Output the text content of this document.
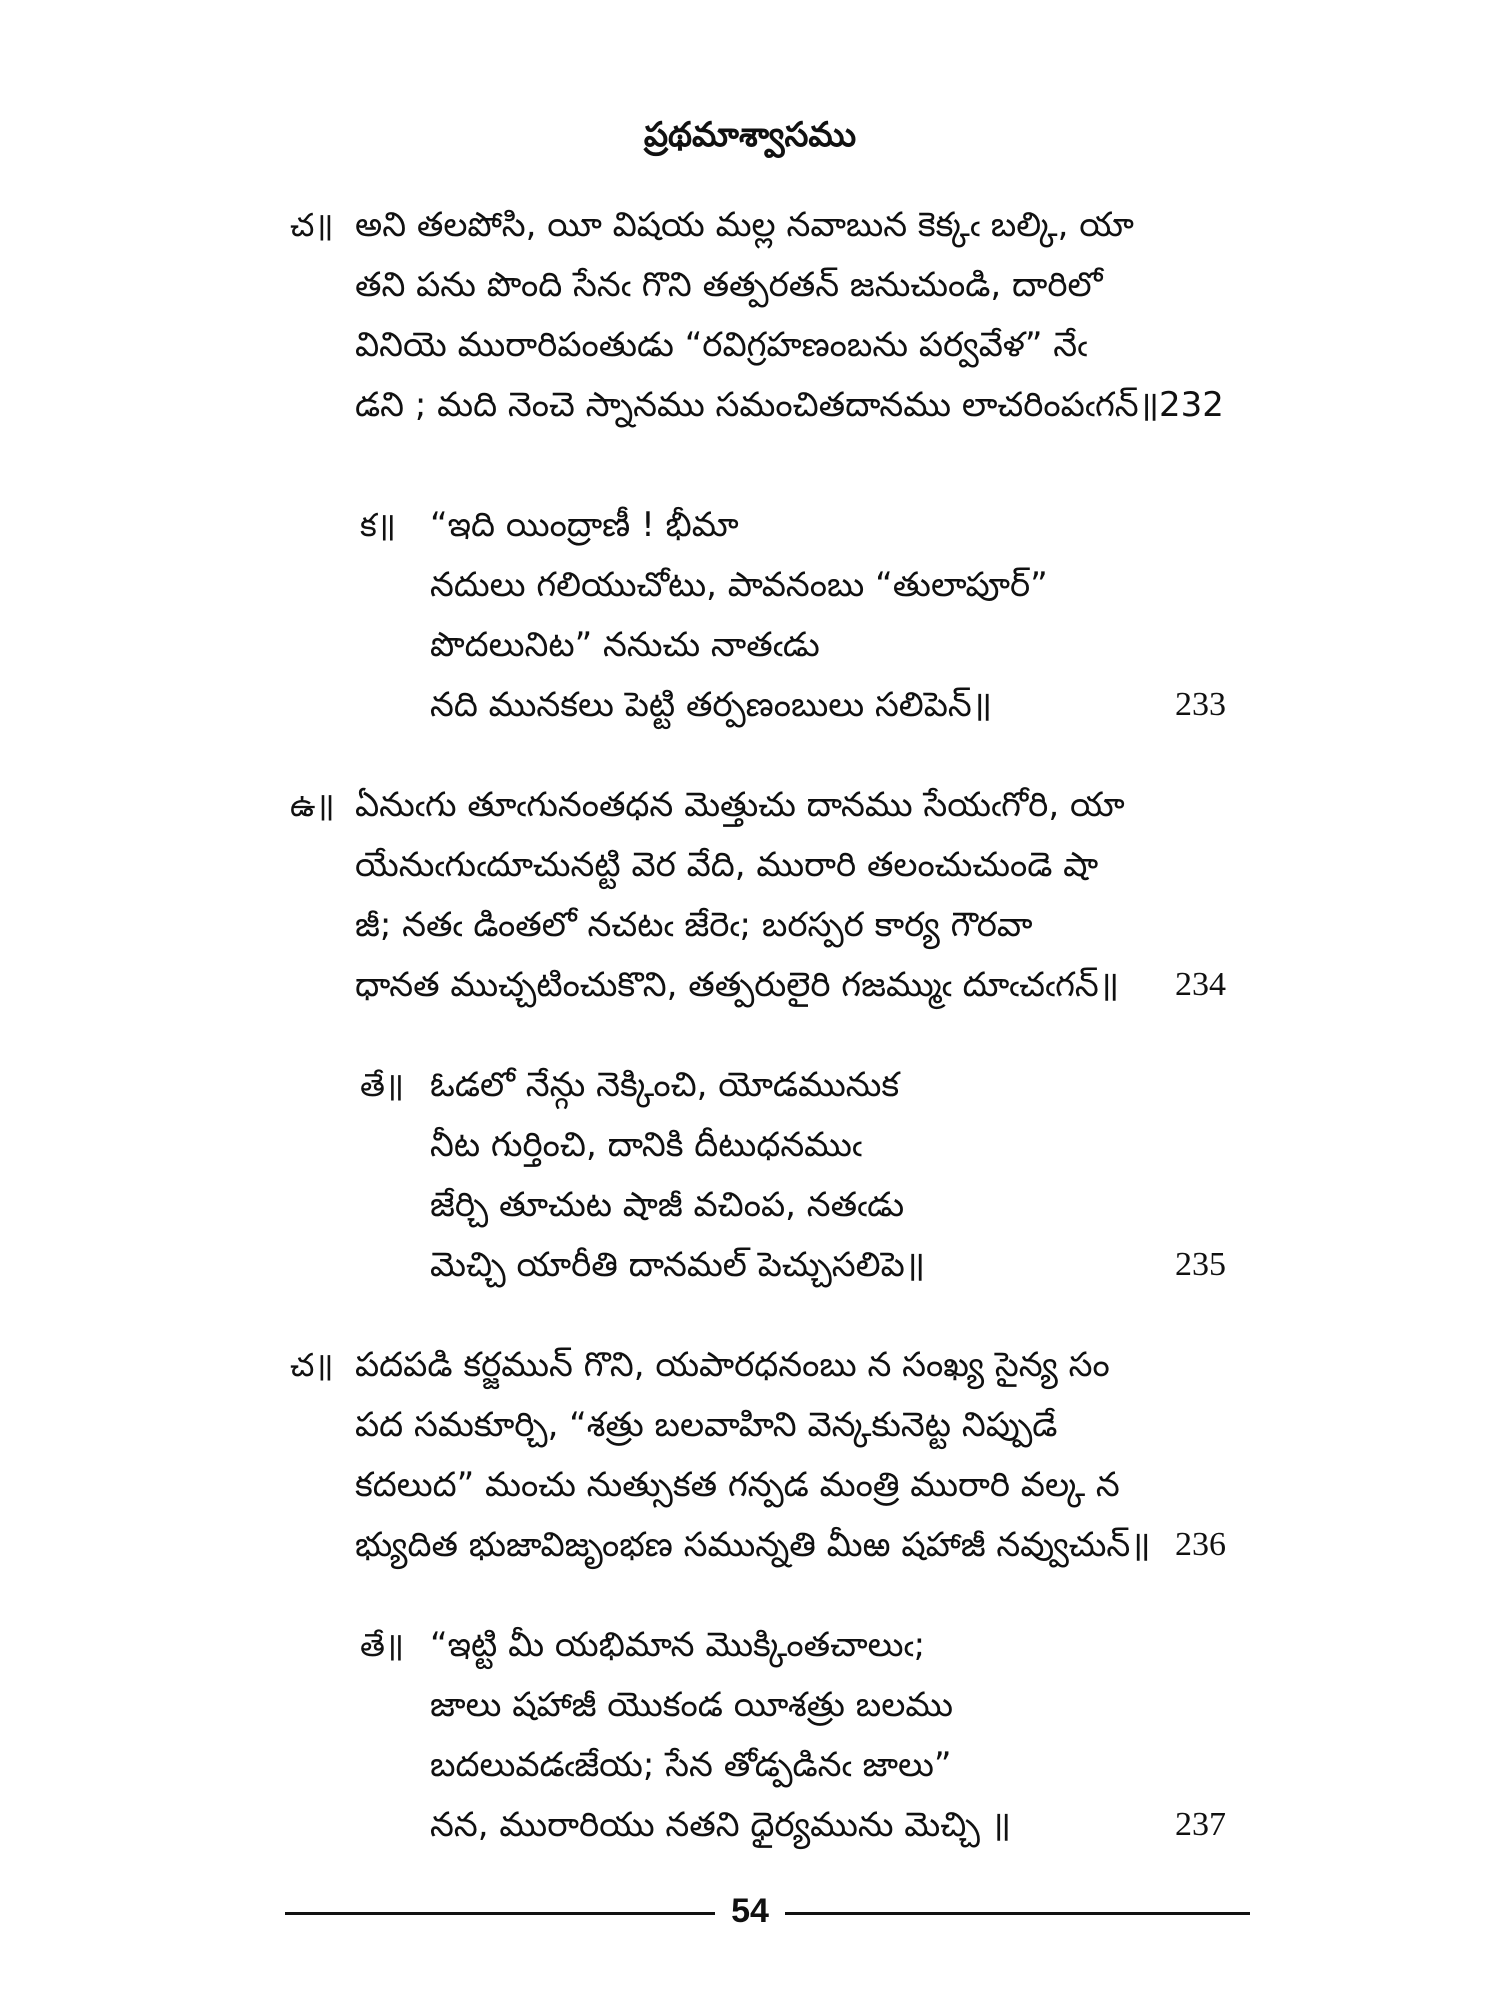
ప్రథమాశ్వాసము
చ॥ అని తలపోసి, యీ విషయ మల్ల నవాబున కెక్కఁ బల్కి, యా
తని పను పొంది సేనఁ గొని తత్పరతన్ జనుచుండి, దారిలో
వినియె మురారిపంతుడు “రవిగ్రహణంబను పర్వవేళ” నేఁ
డని ; మది నెంచె స్నానము సమంచితదానము లాచరింపఁగన్॥232
క॥ “ఇది యింద్రాణీ ! భీమా
నదులు గలియుచోటు, పావనంబు “తులాపూర్”
పొదలునిట” ననుచు నాతఁడు
నది మునకలు పెట్టి తర్పణంబులు సలిపెన్॥	233
ఉ॥ ఏనుఁగు తూఁగునంతధన మెత్తుచు దానము సేయఁగోరి, యా
యేనుఁగుఁదూచునట్టి వెర వేది, మురారి తలంచుచుండె షా
జీ; నతఁ డింతలో నచటఁ జేరెఁ; బరస్పర కార్య గౌరవా
ధానత ముచ్చటించుకొని, తత్పరులైరి గజమ్ముఁ దూఁచఁగన్॥ 234
తే॥ ఓడలో నేన్గు నెక్కించి, యోడమునుక
నీట గుర్తించి, దానికి దీటుధనముఁ
జేర్చి తూచుట షాజీ వచింప, నతఁడు
మెచ్చి యారీతి దానమల్ పెచ్చుసలిపె॥	235
చ॥ పదపడి కర్జమున్ గొని, యపారధనంబు న సంఖ్య సైన్య సం
పద సమకూర్చి, “శత్రు బలవాహిని వెన్కకునెట్ట నిప్పుడే
కదలుద” మంచు నుత్సుకత గన్పడ మంత్రి మురారి వల్క న
భ్యుదిత భుజావిజృంభణ సమున్నతి మీఱ షహాజీ నవ్వుచున్॥ 236
తే॥ “ఇట్టి మీ యభిమాన మొక్కింతచాలుఁ;
జాలు షహాజీ యొకండ యీశత్రు బలము
బదలువడఁజేయ; సేన తోడ్పడినఁ జాలు”
నన, మురారియు నతని ధైర్యమును మెచ్చి ॥	237
54
